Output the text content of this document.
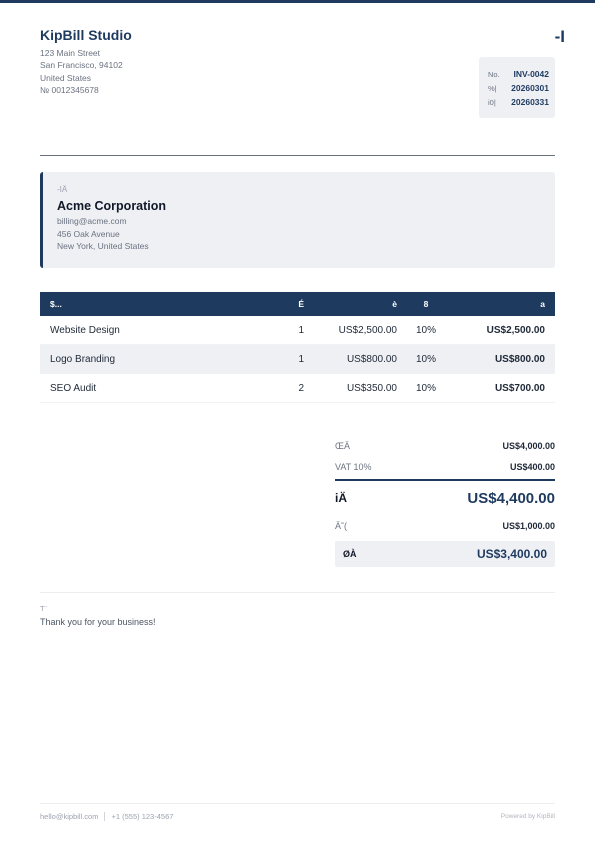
KipBill Studio
123 Main Street
San Francisco, 94102
United States
№ 0012345678
-I
No. INV-0042
%| 20260301
i0| 20260331
-IÄ
Acme Corporation
billing@acme.com
456 Oak Avenue
New York, United States
$...	É	è	8	a
Website Design	1	US$2,500.00	10%	US$2,500.00
Logo Branding	1	US$800.00	10%	US$800.00
SEO Audit	2	US$350.00	10%	US$700.00
ŒÄ	US$4,000.00
VAT 10%	US$400.00
iÄ	US$4,400.00
Ä˜(	US$1,000.00
ØÀ	US$3,400.00
T¨
Thank you for your business!
hello@kipbill.com +1 (555) 123-4567	Powered by KipBill
